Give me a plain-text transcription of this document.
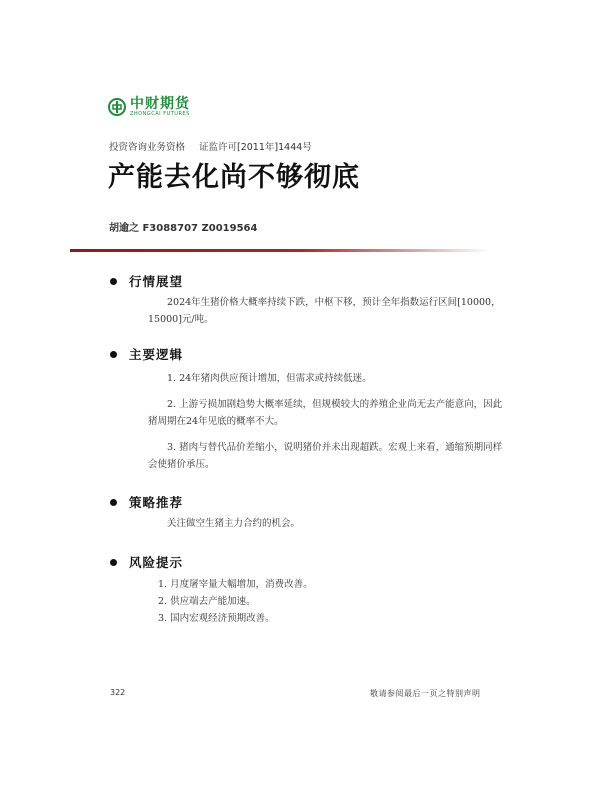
中财期货
ZHONGCAI FUTURES
投资咨询业务资格 证监许可[2011年]1444号
产能去化尚不够彻底
胡逾之 F3088707 Z0019564
行情展望

2024年生猪价格大概率持续下跌，中枢下移，预计全年指数运行区间[10000，15000]元/吨。

主要逻辑

1. 24年猪肉供应预计增加，但需求或持续低迷。

2. 上游亏损加剧趋势大概率延续，但规模较大的养殖企业尚无去产能意向，因此猪周期在24年见底的概率不大。

3. 猪肉与替代品价差缩小，说明猪价并未出现超跌。宏观上来看，通缩预期同样会使猪价承压。

策略推荐

关注做空生猪主力合约的机会。

风险提示

1. 月度屠宰量大幅增加，消费改善。

2. 供应端去产能加速。

3. 国内宏观经济预期改善。

322	敬请参阅最后一页之特别声明
